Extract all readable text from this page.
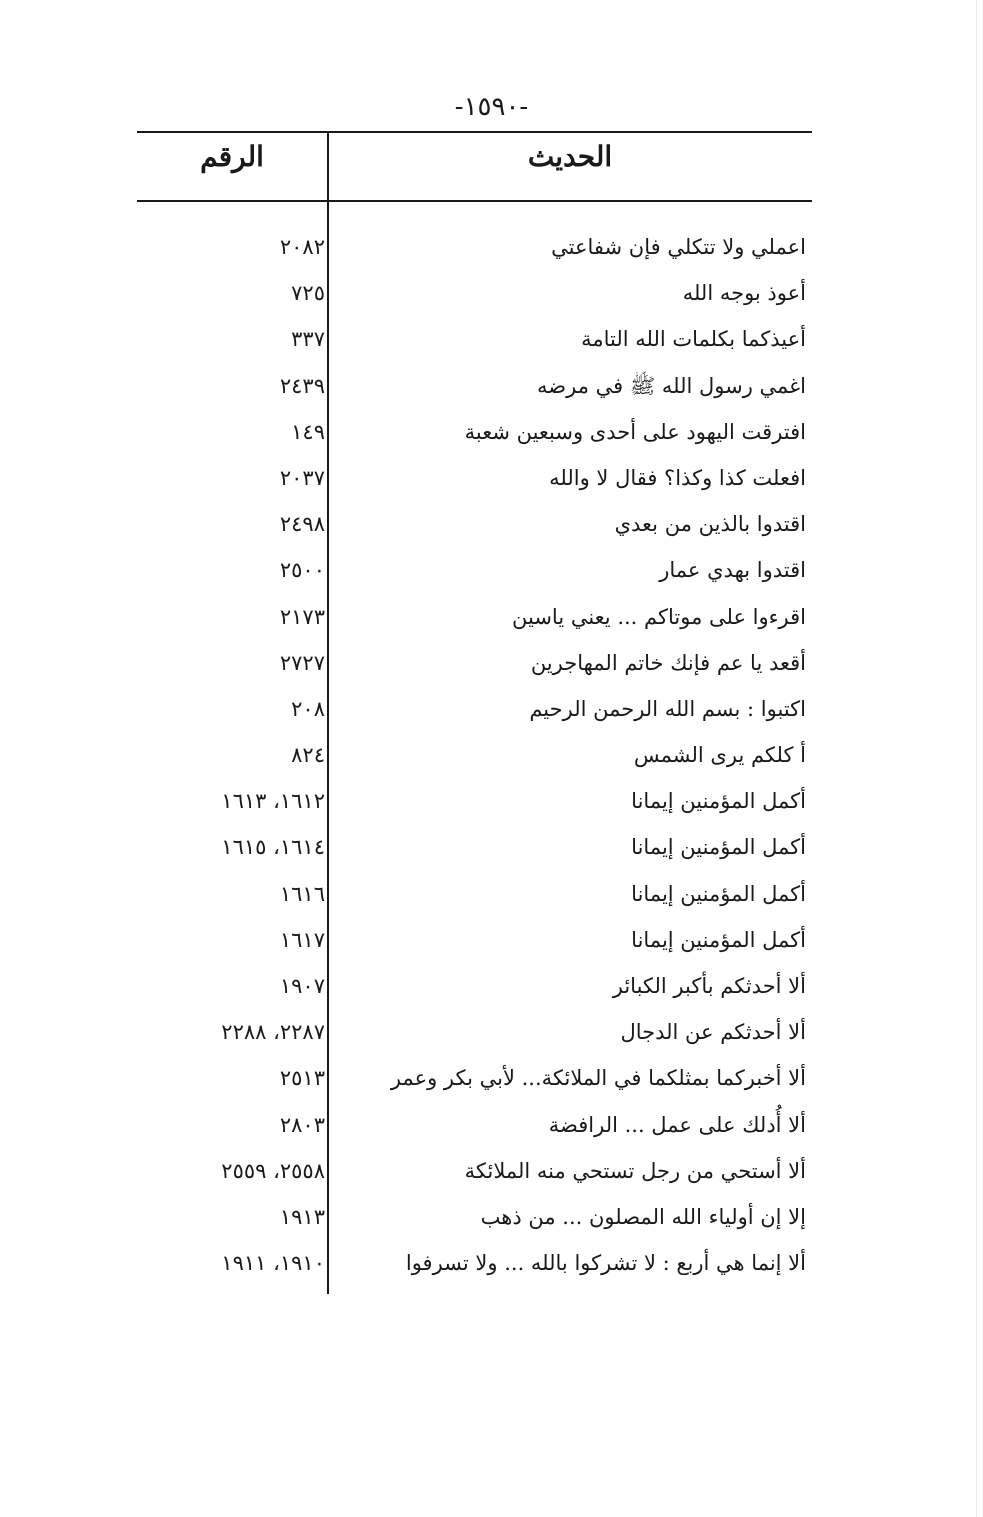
-١٥٩٠-
الحديث
الرقم
اعملي ولا تتكلي فإن شفاعتي
٢٠٨٢
أعوذ بوجه الله
٧٢٥
أعيذكما بكلمات الله التامة
٣٣٧
اغمي رسول الله ﷺ في مرضه
٢٤٣٩
افترقت اليهود على أحدى وسبعين شعبة
١٤٩
افعلت كذا وكذا؟ فقال لا والله
٢٠٣٧
اقتدوا بالذين من بعدي
٢٤٩٨
اقتدوا بهدي عمار
٢٥٠٠
اقرءوا على موتاكم ... يعني ياسين
٢١٧٣
أقعد يا عم فإنك خاتم المهاجرين
٢٧٢٧
اكتبوا : بسم الله الرحمن الرحيم
٢٠٨
أ كلكم يرى الشمس
٨٢٤
أكمل المؤمنين إيمانا
١٦١٢، ١٦١٣
أكمل المؤمنين إيمانا
١٦١٤، ١٦١٥
أكمل المؤمنين إيمانا
١٦١٦
أكمل المؤمنين إيمانا
١٦١٧
ألا أحدثكم بأكبر الكبائر
١٩٠٧
ألا أحدثكم عن الدجال
٢٢٨٧، ٢٢٨٨
ألا أخبركما بمثلكما في الملائكة... لأبي بكر وعمر
٢٥١٣
ألا أُدلك على عمل ... الرافضة
٢٨٠٣
ألا أستحي من رجل تستحي منه الملائكة
٢٥٥٨، ٢٥٥٩
إلا إن أولياء الله المصلون ... من ذهب
١٩١٣
ألا إنما هي أربع : لا تشركوا بالله ... ولا تسرفوا
١٩١٠، ١٩١١
